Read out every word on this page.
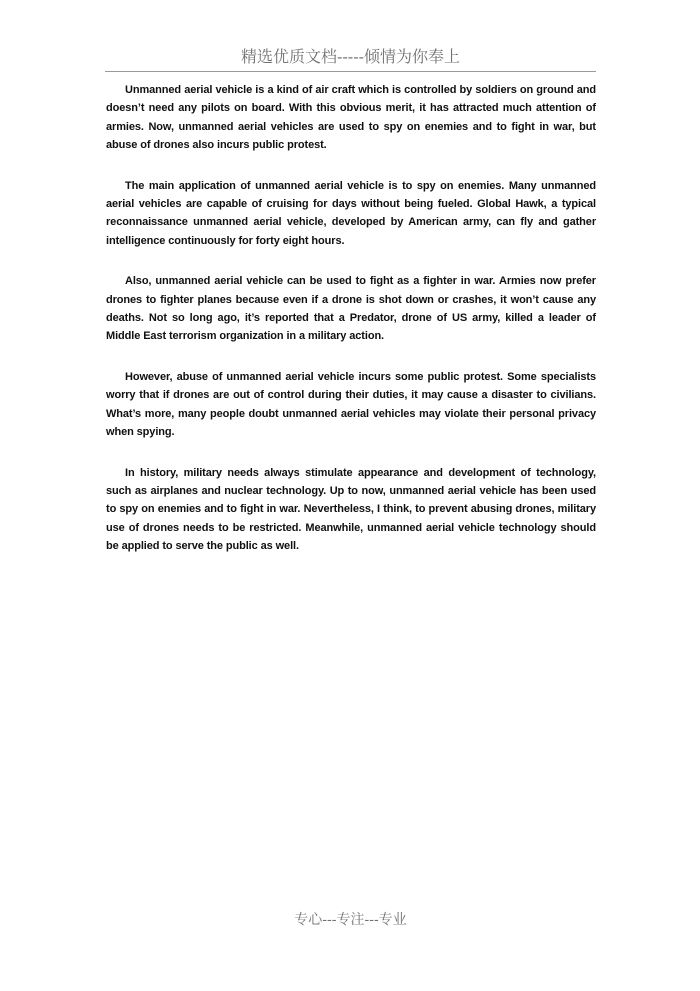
精选优质文档-----倾情为你奉上

Unmanned aerial vehicle is a kind of air craft which is controlled by soldiers on ground and doesn’t need any pilots on board. With this obvious merit, it has attracted much attention of armies. Now, unmanned aerial vehicles are used to spy on enemies and to fight in war, but abuse of drones also incurs public protest.

The main application of unmanned aerial vehicle is to spy on enemies. Many unmanned aerial vehicles are capable of cruising for days without being fueled. Global Hawk, a typical reconnaissance unmanned aerial vehicle, developed by American army, can fly and gather intelligence continuously for forty eight hours.

Also, unmanned aerial vehicle can be used to fight as a fighter in war. Armies now prefer drones to fighter planes because even if a drone is shot down or crashes, it won’t cause any deaths. Not so long ago, it’s reported that a Predator, drone of US army, killed a leader of Middle East terrorism organization in a military action.

However, abuse of unmanned aerial vehicle incurs some public protest. Some specialists worry that if drones are out of control during their duties, it may cause a disaster to civilians. What’s more, many people doubt unmanned aerial vehicles may violate their personal privacy when spying.

In history, military needs always stimulate appearance and development of technology, such as airplanes and nuclear technology. Up to now, unmanned aerial vehicle has been used to spy on enemies and to fight in war. Nevertheless, I think, to prevent abusing drones, military use of drones needs to be restricted. Meanwhile, unmanned aerial vehicle technology should be applied to serve the public as well.

专心---专注---专业
